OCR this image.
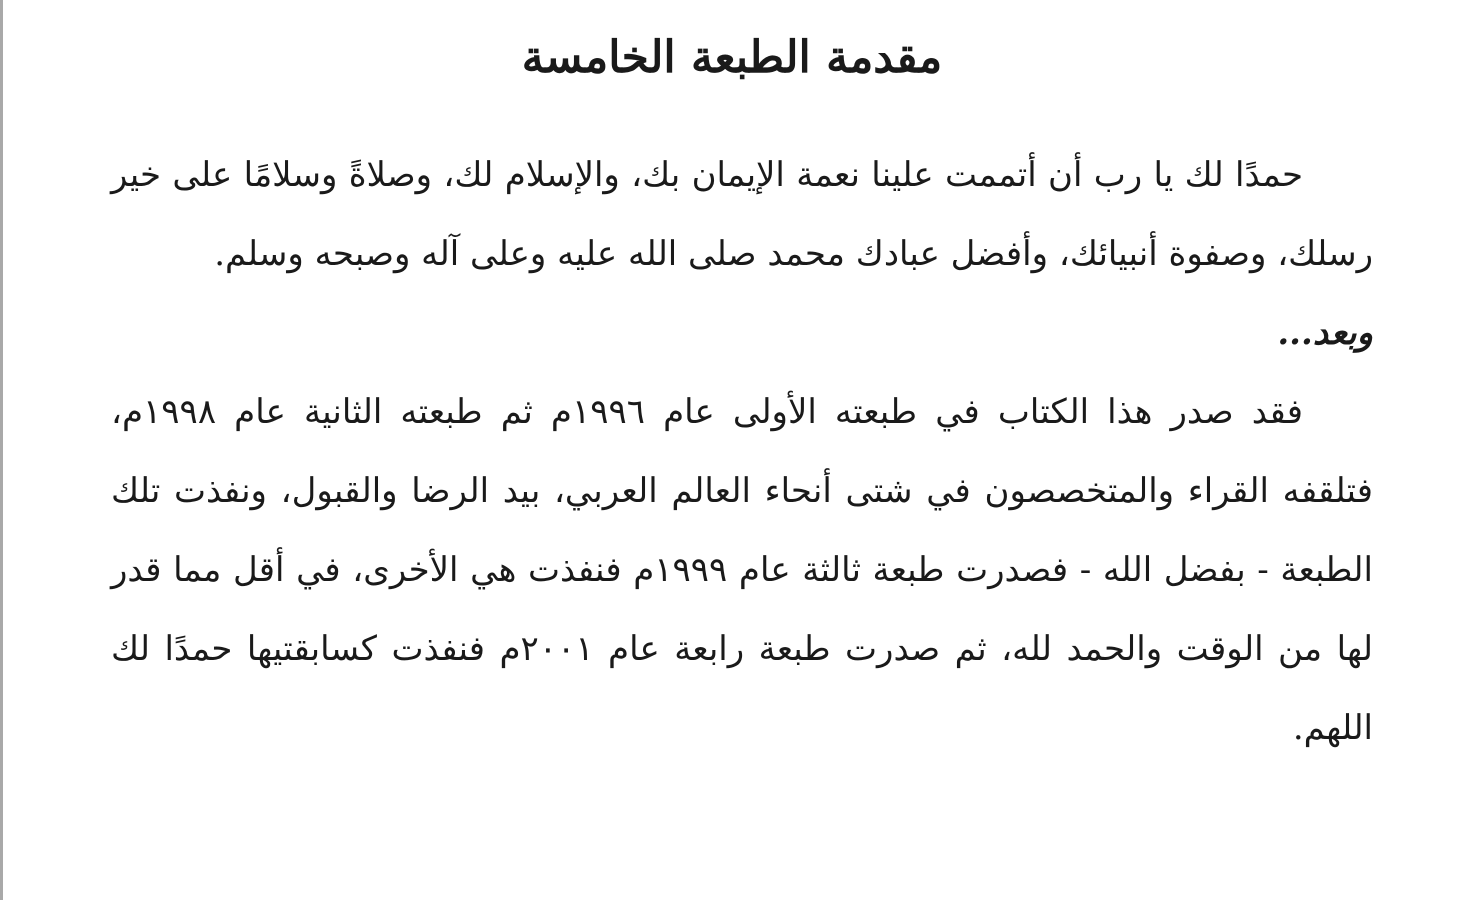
مقدمة الطبعة الخامسة

حمدًا لك يا رب أن أتممت علينا نعمة الإيمان بك، والإسلام لك، وصلاةً وسلامًا على خير رسلك، وصفوة أنبيائك، وأفضل عبادك محمد صلى الله عليه وعلى آله وصبحه وسلم.

وبعد...

فقد صدر هذا الكتاب في طبعته الأولى عام ١٩٩٦م ثم طبعته الثانية عام ١٩٩٨م، فتلقفه القراء والمتخصصون في شتى أنحاء العالم العربي، بيد الرضا والقبول، ونفذت تلك الطبعة - بفضل الله - فصدرت طبعة ثالثة عام ١٩٩٩م فنفذت هي الأخرى، في أقل مما قدر لها من الوقت والحمد لله، ثم صدرت طبعة رابعة عام ٢٠٠١م فنفذت كسابقتيها حمدًا لك اللهم.
